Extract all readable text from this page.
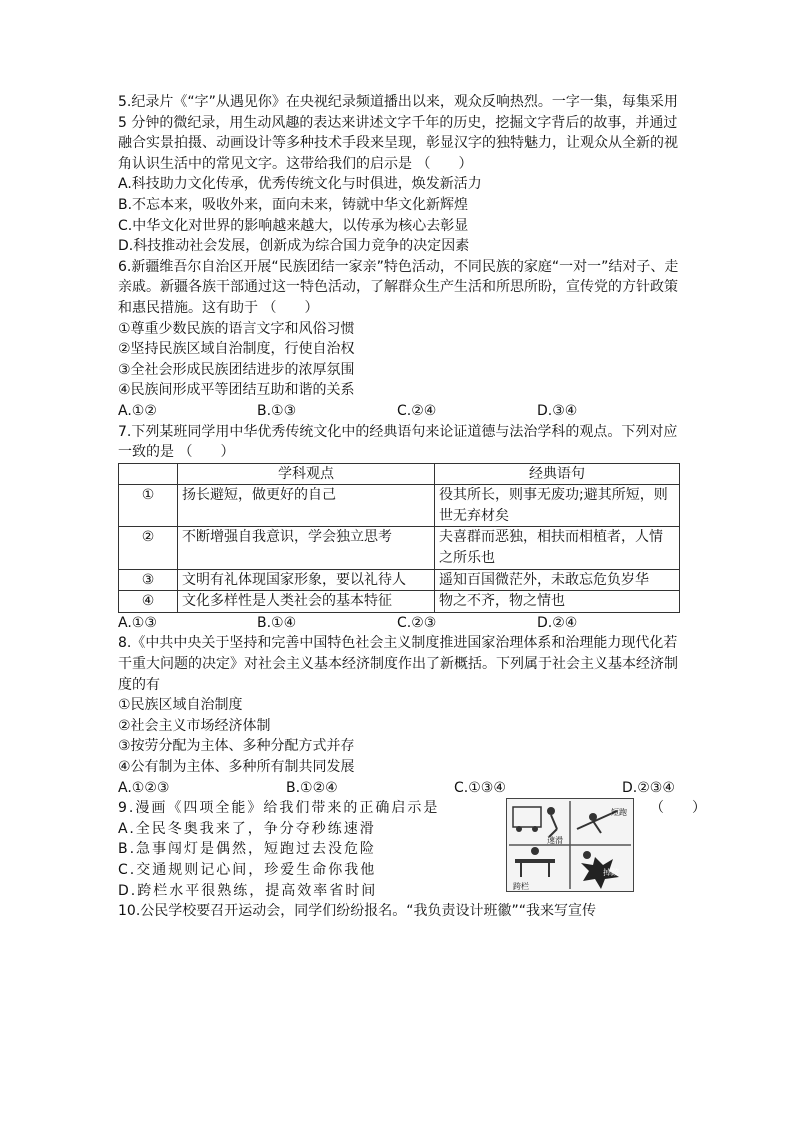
5.纪录片《“字”从遇见你》在央视纪录频道播出以来，观众反响热烈。一字一集，每集采用 5 分钟的微纪录，用生动风趣的表达来讲述文字千年的历史，挖掘文字背后的故事，并通过融合实景拍摄、动画设计等多种技术手段来呈现，彰显汉字的独特魅力，让观众从全新的视角认识生活中的常见文字。这带给我们的启示是 （　　）

A.科技助力文化传承，优秀传统文化与时俱进，焕发新活力

B.不忘本来，吸收外来，面向未来，铸就中华文化新辉煌

C.中华文化对世界的影响越来越大，以传承为核心去彰显

D.科技推动社会发展，创新成为综合国力竞争的决定因素

6.新疆维吾尔自治区开展“民族团结一家亲”特色活动，不同民族的家庭“一对一”结对子、走亲戚。新疆各族干部通过这一特色活动，了解群众生产生活和所思所盼，宣传党的方针政策和惠民措施。这有助于 （　　）

①尊重少数民族的语言文字和风俗习惯

②坚持民族区域自治制度，行使自治权

③全社会形成民族团结进步的浓厚氛围

④民族间形成平等团结互助和谐的关系

A.①②	B.①③	C.②④	D.③④

7.下列某班同学用中华优秀传统文化中的经典语句来论证道德与法治学科的观点。下列对应一致的是 （　　）

	学科观点	经典语句
①	扬长避短，做更好的自己	役其所长，则事无废功;避其所短，则世无弃材矣
②	不断增强自我意识，学会独立思考	夫喜群而恶独，相扶而相植者，人情之所乐也
③	文明有礼体现国家形象，要以礼待人	遥知百国微茫外，未敢忘危负岁华
④	文化多样性是人类社会的基本特征	物之不齐，物之情也
A.①③	B.①④	C.②③	D.②④

8.《中共中央关于坚持和完善中国特色社会主义制度推进国家治理体系和治理能力现代化若干重大问题的决定》对社会主义基本经济制度作出了新概括。下列属于社会主义基本经济制度的有

①民族区域自治制度

②社会主义市场经济体制

③按劳分配为主体、多种分配方式并存

④公有制为主体、多种所有制共同发展

A.①②③	B.①②④	C.①③④	D.②③④

9.漫画《四项全能》给我们带来的正确启示是	（　　）
速滑
短跑
跨栏
掉跤

A.全民冬奥我来了，争分夺秒练速滑

B.急事闯灯是偶然，短跑过去没危险

C.交通规则记心间，珍爱生命你我他

D.跨栏水平很熟练，提高效率省时间

10.公民学校要召开运动会，同学们纷纷报名。“我负责设计班徽”“我来写宣传
